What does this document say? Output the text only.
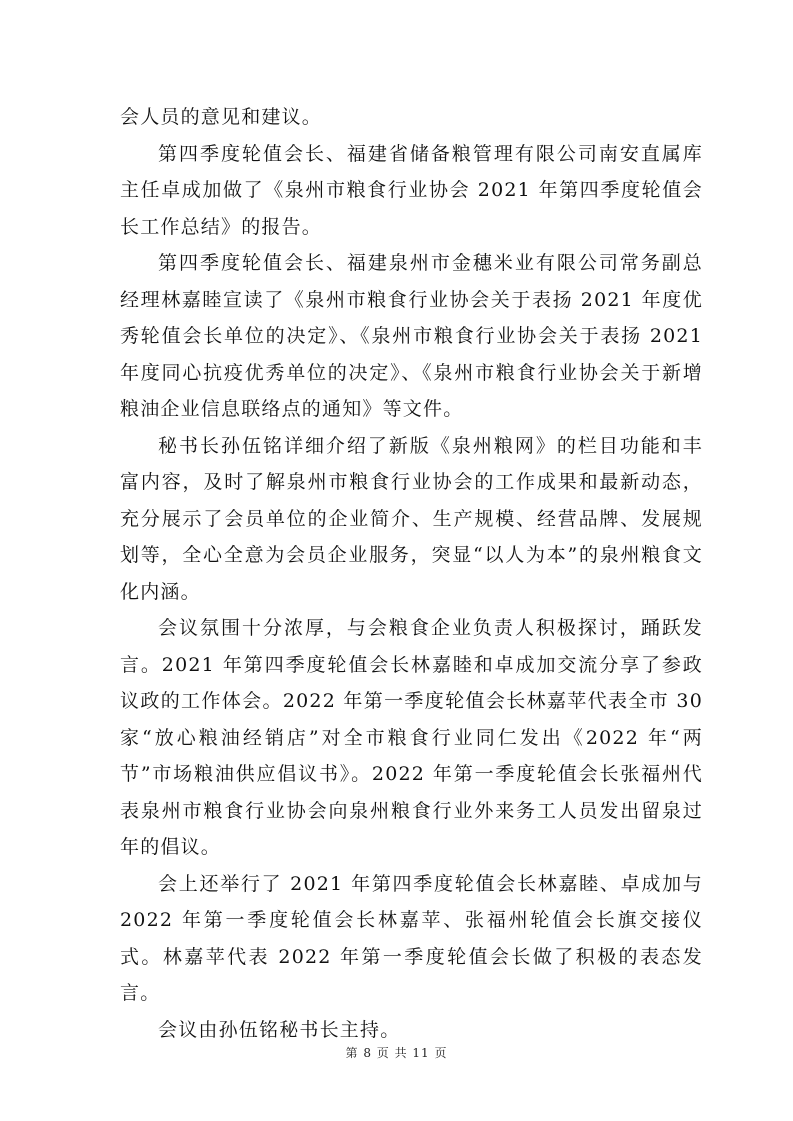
会人员的意见和建议。

第四季度轮值会长、福建省储备粮管理有限公司南安直属库主任卓成加做了《泉州市粮食行业协会 2021 年第四季度轮值会长工作总结》的报告。

第四季度轮值会长、福建泉州市金穗米业有限公司常务副总经理林嘉睦宣读了《泉州市粮食行业协会关于表扬 2021 年度优秀轮值会长单位的决定》、《泉州市粮食行业协会关于表扬 2021 年度同心抗疫优秀单位的决定》、《泉州市粮食行业协会关于新增粮油企业信息联络点的通知》等文件。

秘书长孙伍铭详细介绍了新版《泉州粮网》的栏目功能和丰富内容，及时了解泉州市粮食行业协会的工作成果和最新动态，充分展示了会员单位的企业简介、生产规模、经营品牌、发展规划等，全心全意为会员企业服务，突显“以人为本”的泉州粮食文化内涵。

会议氛围十分浓厚，与会粮食企业负责人积极探讨，踊跃发言。2021 年第四季度轮值会长林嘉睦和卓成加交流分享了参政议政的工作体会。2022 年第一季度轮值会长林嘉苹代表全市 30 家“放心粮油经销店”对全市粮食行业同仁发出《2022 年“两节”市场粮油供应倡议书》。2022 年第一季度轮值会长张福州代表泉州市粮食行业协会向泉州粮食行业外来务工人员发出留泉过年的倡议。

会上还举行了 2021 年第四季度轮值会长林嘉睦、卓成加与 2022 年第一季度轮值会长林嘉苹、张福州轮值会长旗交接仪式。林嘉苹代表 2022 年第一季度轮值会长做了积极的表态发言。

会议由孙伍铭秘书长主持。

第 8 页 共 11 页
